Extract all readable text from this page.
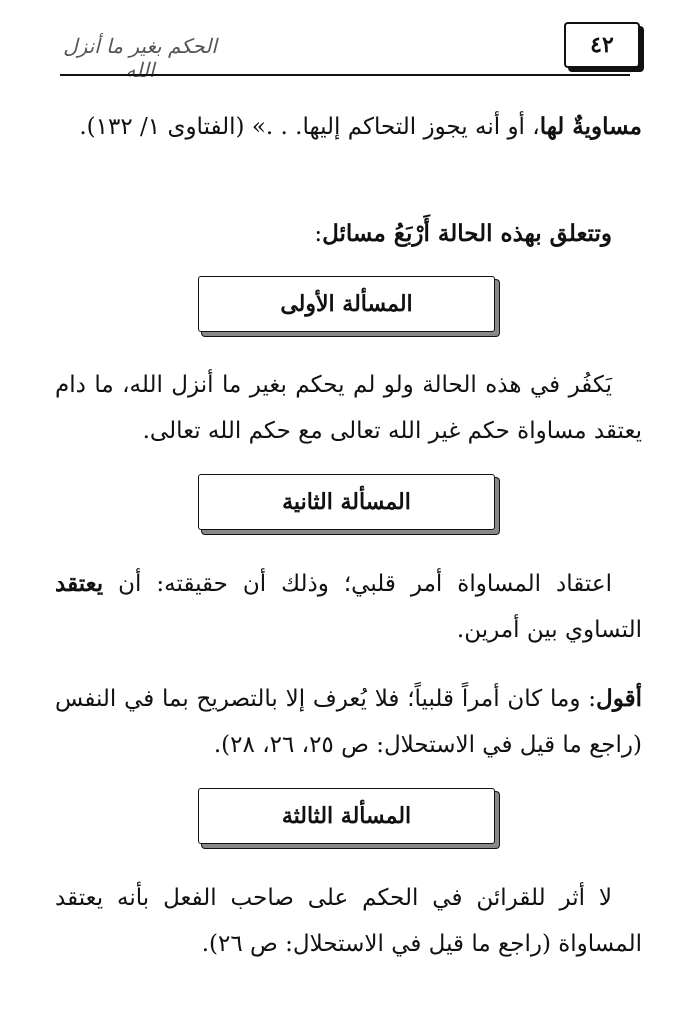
٤٢
الحكم بغير ما أنزل الله
مساويةٌ لها، أو أنه يجوز التحاكم إليها. . .» (الفتاوى ١/ ١٣٢).
وتتعلق بهذه الحالة أَرْبَعُ مسائل:
المسألة الأولى
يَكفُر في هذه الحالة ولو لم يحكم بغير ما أنزل الله، ما دام يعتقد مساواة حكم غير الله تعالى مع حكم الله تعالى.
المسألة الثانية
اعتقاد المساواة أمر قلبي؛ وذلك أن حقيقته: أن يعتقد التساوي بين أمرين.
أقول: وما كان أمراً قلبياً؛ فلا يُعرف إلا بالتصريح بما في النفس (راجع ما قيل في الاستحلال: ص ٢٥، ٢٦، ٢٨).
المسألة الثالثة
لا أثر للقرائن في الحكم على صاحب الفعل بأنه يعتقد المساواة (راجع ما قيل في الاستحلال: ص ٢٦).
